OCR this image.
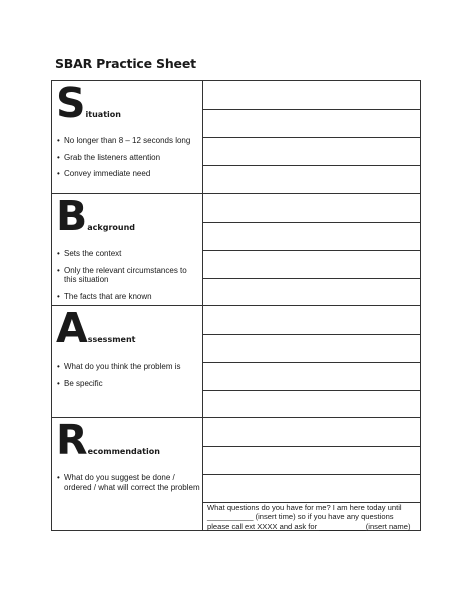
SBAR Practice Sheet
Situation
• No longer than 8 – 12 seconds long
• Grab the listeners attention
• Convey immediate need
Background
• Sets the context
• Only the relevant circumstances to this situation
• The facts that are known
Assessment
• What do you think the problem is
• Be specific
Recommendation
• What do you suggest be done / ordered / what will correct the problem
What questions do you have for me? I am here today until ___________ (insert time) so if you have any questions please call ext XXXX and ask for ___________(insert name)
